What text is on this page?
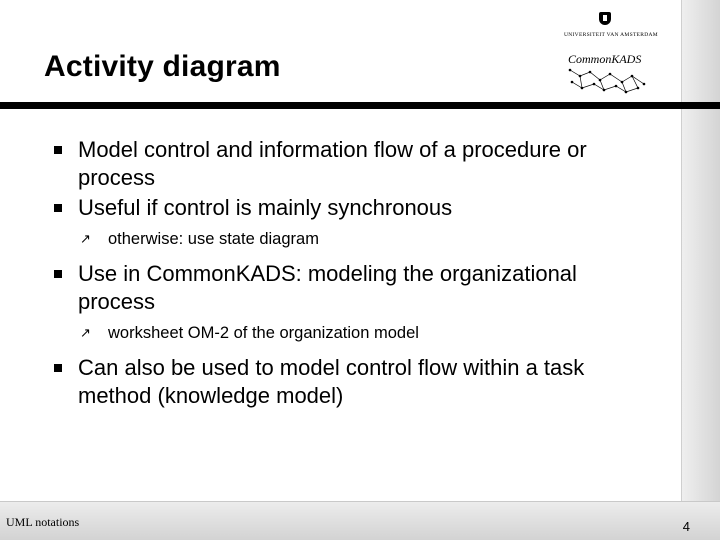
UNIVERSITEIT VAN AMSTERDAM
CommonKADS
Activity diagram
Model control and information flow of a procedure or process
Useful if control is mainly synchronous
↗ otherwise: use state diagram
Use in CommonKADS: modeling the organizational process
↗ worksheet OM-2 of the organization model
Can also be used to model control flow within a task method (knowledge model)
UML notations	4
